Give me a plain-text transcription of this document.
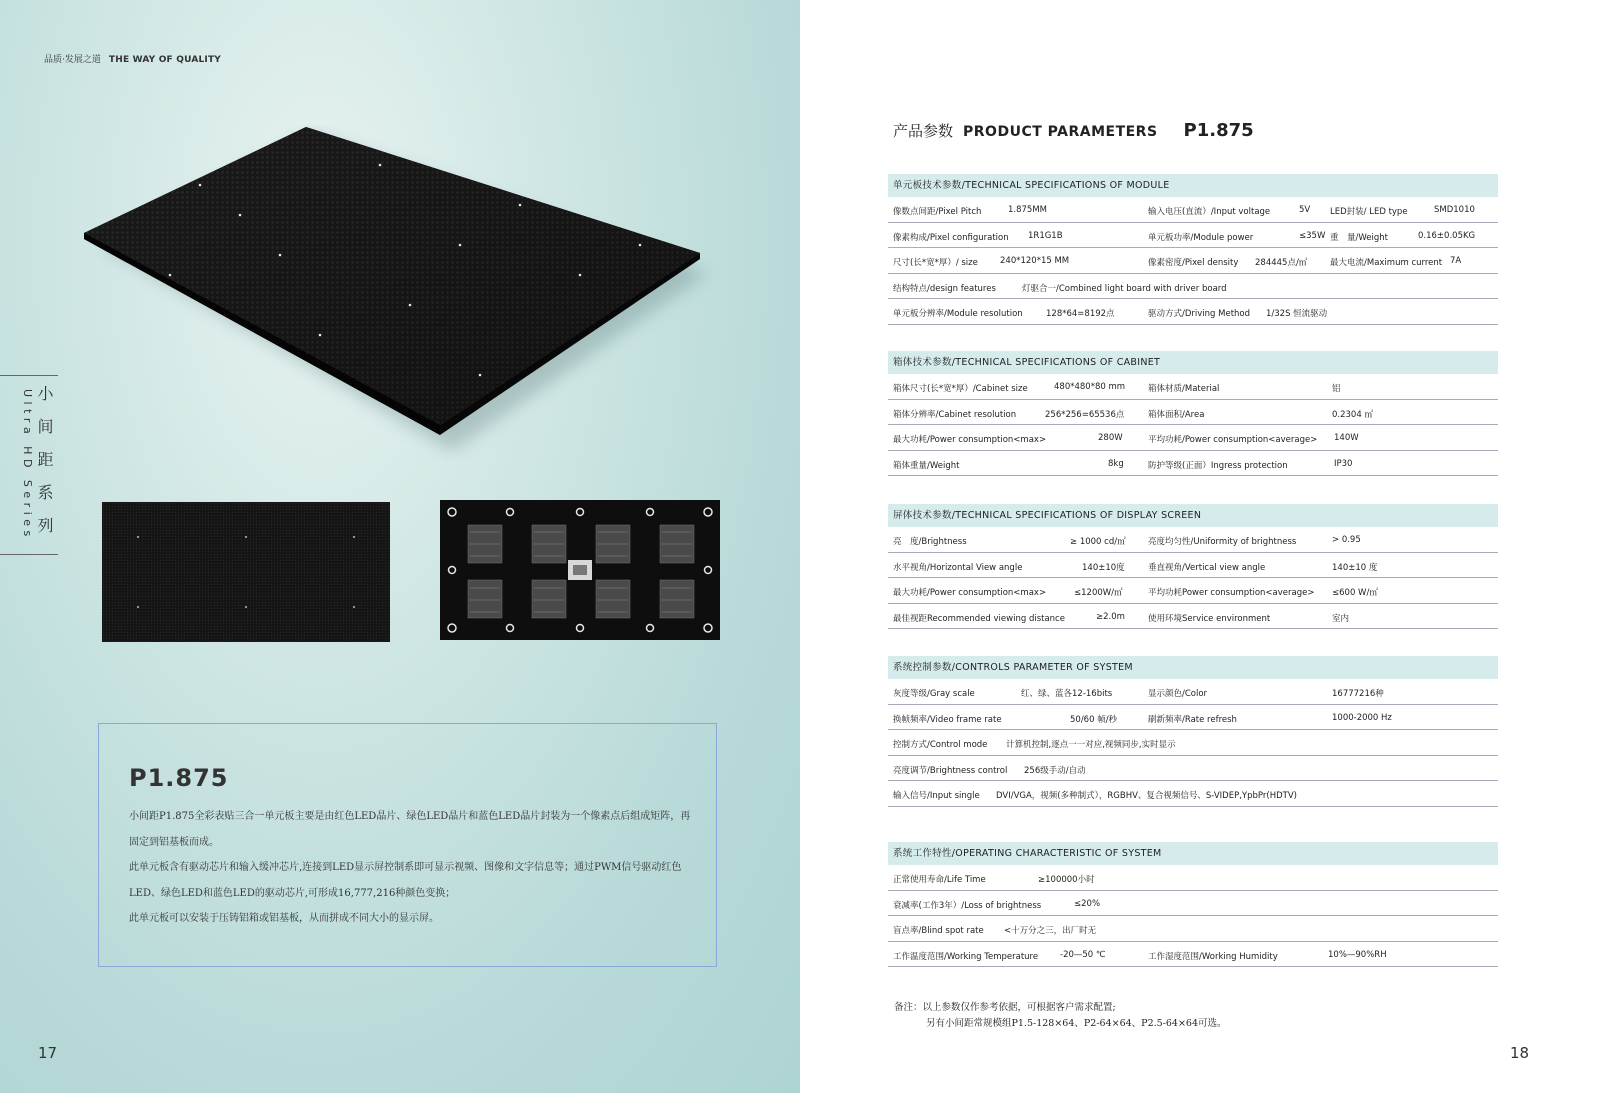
品质·发展之道 THE WAY OF QUALITY
Ultra HD Series 小间距系列
P1.875
小间距P1.875全彩表贴三合一单元板主要是由红色LED晶片、绿色LED晶片和蓝色LED晶片封装为一个像素点后组成矩阵，再固定到铝基板而成。
此单元板含有驱动芯片和输入缓冲芯片,连接到LED显示屏控制系即可显示视频、图像和文字信息等；通过PWM信号驱动红色LED、绿色LED和蓝色LED的驱动芯片,可形成16,777,216种颜色变换；
此单元板可以安装于压铸铝箱或铝基板，从而拼成不同大小的显示屏。
17
产品参数 PRODUCT PARAMETERS P1.875
单元板技术参数/TECHNICAL SPECIFICATIONS OF MODULE
像数点间距/Pixel Pitch	1.875MM	输入电压(直流）/Input voltage	5V LED封装/ LED type	SMD1010
像素构成/Pixel configuration 1R1G1B	单元板功率/Module power	≤35W 重　量/Weight	0.16±0.05KG
尺寸(长*宽*厚）/ size	240*120*15 MM	像素密度/Pixel density 284445点/㎡	最大电流/Maximum current 7A
结构特点/design features	灯驱合一/Combined light board with driver board
单元板分辨率/Module resolution	128*64=8192点	驱动方式/Driving Method 1/32S 恒流驱动
箱体技术参数/TECHNICAL SPECIFICATIONS OF CABINET
箱体尺寸(长*宽*厚）/Cabinet size	480*480*80 mm	箱体材质/Material	铝
箱体分辨率/Cabinet resolution	256*256=65536点	箱体面积/Area	0.2304 ㎡
最大功耗/Power consumption<max>	280W	平均功耗/Power consumption<average> 140W
箱体重量/Weight	8kg	防护等级(正面）Ingress protection	IP30
屏体技术参数/TECHNICAL SPECIFICATIONS OF DISPLAY SCREEN
亮　度/Brightness	≥ 1000 cd/㎡	亮度均匀性/Uniformity of brightness	> 0.95
水平视角/Horizontal View angle	140±10度	垂直视角/Vertical view angle	140±10 度
最大功耗/Power consumption<max>	≤1200W/㎡	平均功耗Power consumption<average> ≤600 W/㎡
最佳视距Recommended viewing distance	≥2.0m	使用环境Service environment	室内
系统控制参数/CONTROLS PARAMETER OF SYSTEM
灰度等级/Gray scale	红、绿、蓝各12-16bits	显示颜色/Color	16777216种
换帧频率/Video frame rate	50/60 帧/秒	刷新频率/Rate refresh	1000-2000 Hz
控制方式/Control mode 计算机控制,逐点一一对应,视频同步,实时显示
亮度调节/Brightness control 256级手动/自动
输入信号/Input single DVI/VGA，视频(多种制式），RGBHV、复合视频信号、S-VIDEP,YpbPr(HDTV)
系统工作特性/OPERATING CHARACTERISTIC OF SYSTEM
正常使用寿命/Life Time	≥100000小时
衰减率(工作3年）/Loss of brightness	≤20%
盲点率/Blind spot rate <十万分之三，出厂时无
工作温度范围/Working Temperature	-20—50 ℃	工作湿度范围/Working Humidity	10%—90%RH
备注：以上参数仅作参考依据，可根据客户需求配置;
另有小间距常规模组P1.5-128×64、P2-64×64、P2.5-64×64可选。
18
